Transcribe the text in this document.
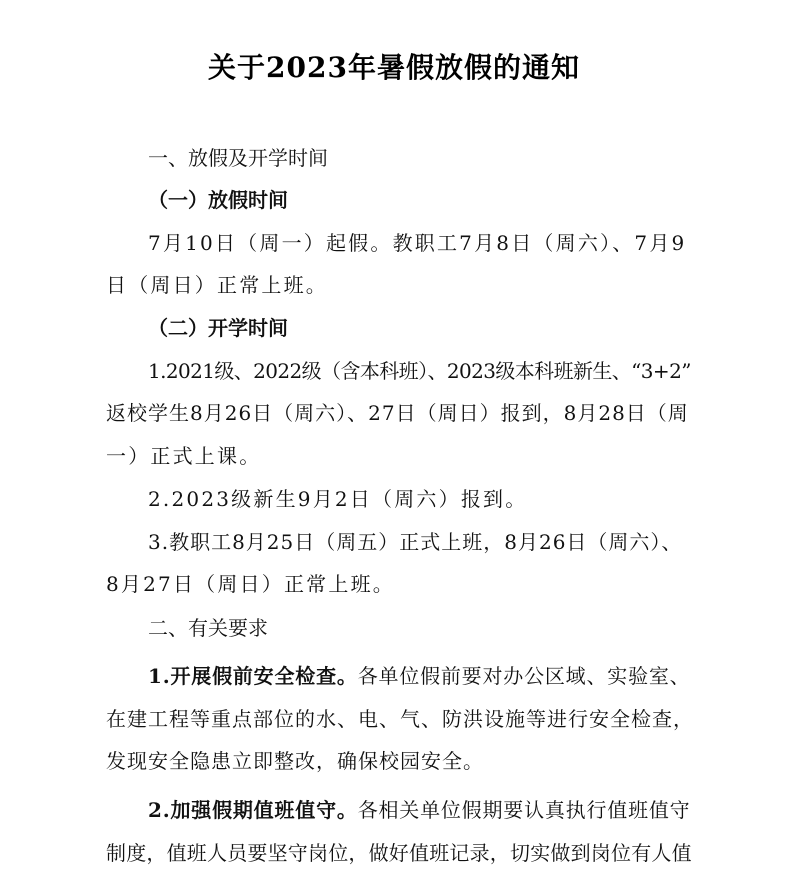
关于2023年暑假放假的通知
一、放假及开学时间
（一）放假时间
7月10日（周一）起假。教职工7月8日（周六）、7月9
日（周日）正常上班。
（二）开学时间
1.2021级、2022级（含本科班）、2023级本科班新生、“3+2”
返校学生8月26日（周六）、27日（周日）报到，8月28日（周
一）正式上课。
2.2023级新生9月2日（周六）报到。
3.教职工8月25日（周五）正式上班，8月26日（周六）、
8月27日（周日）正常上班。
二、有关要求
1.开展假前安全检查。各单位假前要对办公区域、实验室、
在建工程等重点部位的水、电、气、防洪设施等进行安全检查，
发现安全隐患立即整改，确保校园安全。
2.加强假期值班值守。各相关单位假期要认真执行值班值守
制度，值班人员要坚守岗位，做好值班记录，切实做到岗位有人值
